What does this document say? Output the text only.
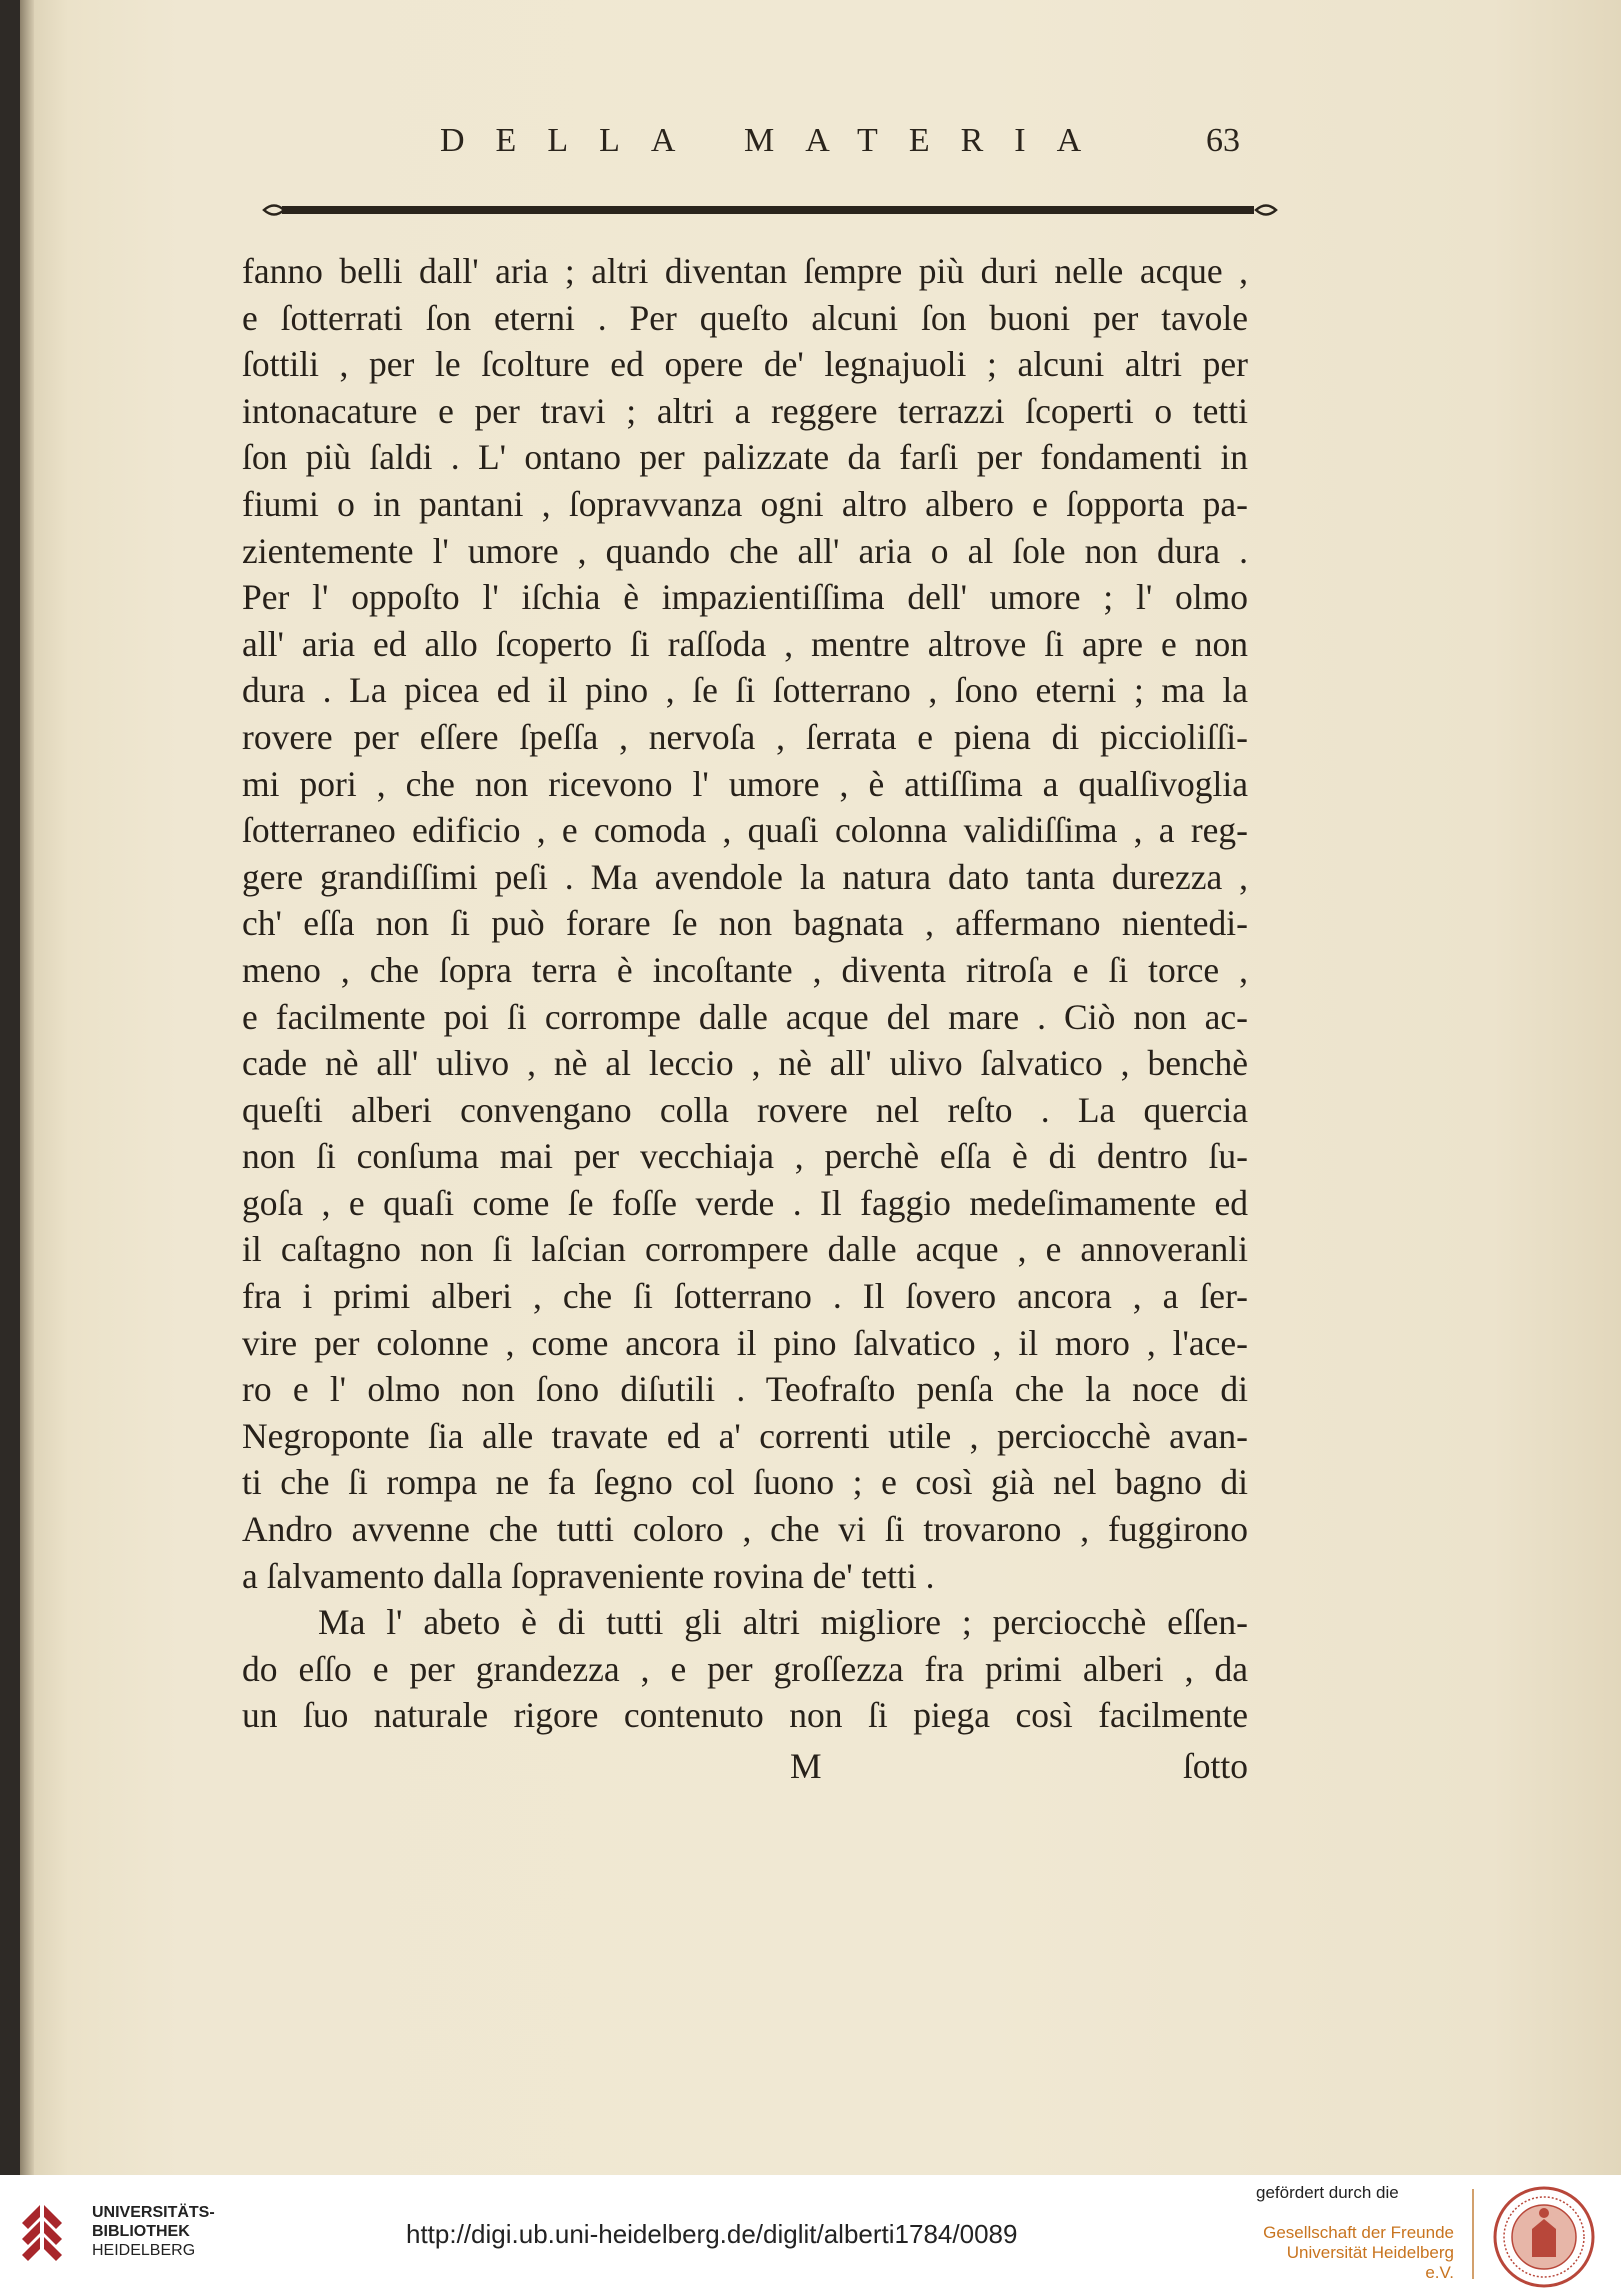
DELLA MATERIA	63
fanno belli dall' aria ; altri diventan ſempre più duri nelle acque ,
e ſotterrati ſon eterni . Per queſto alcuni ſon buoni per tavole
ſottili , per le ſcolture ed opere de' legnajuoli ; alcuni altri per
intonacature e per travi ; altri a reggere terrazzi ſcoperti o tetti
ſon più ſaldi . L' ontano per palizzate da farſi per fondamenti in
fiumi o in pantani , ſopravvanza ogni altro albero e ſopporta pa-
zientemente l' umore , quando che all' aria o al ſole non dura .
Per l' oppoſto l' iſchia è impazientiſſima dell' umore ; l' olmo
all' aria ed allo ſcoperto ſi raſſoda , mentre altrove ſi apre e non
dura . La picea ed il pino , ſe ſi ſotterrano , ſono eterni ; ma la
rovere per eſſere ſpeſſa , nervoſa , ſerrata e piena di piccioliſſi-
mi pori , che non ricevono l' umore , è attiſſima a qualſivoglia
ſotterraneo edificio , e comoda , quaſi colonna validiſſima , a reg-
gere grandiſſimi peſi . Ma avendole la natura dato tanta durezza ,
ch' eſſa non ſi può forare ſe non bagnata , affermano nientedi-
meno , che ſopra terra è incoſtante , diventa ritroſa e ſi torce ,
e facilmente poi ſi corrompe dalle acque del mare . Ciò non ac-
cade nè all' ulivo , nè al leccio , nè all' ulivo ſalvatico , benchè
queſti alberi convengano colla rovere nel reſto . La quercia
non ſi conſuma mai per vecchiaja , perchè eſſa è di dentro ſu-
goſa , e quaſi come ſe foſſe verde . Il faggio medeſimamente ed
il caſtagno non ſi laſcian corrompere dalle acque , e annoveranli
fra i primi alberi , che ſi ſotterrano . Il ſovero ancora , a ſer-
vire per colonne , come ancora il pino ſalvatico , il moro , l'ace-
ro e l' olmo non ſono diſutili . Teofraſto penſa che la noce di
Negroponte ſia alle travate ed a' correnti utile , perciocchè avan-
ti che ſi rompa ne fa ſegno col ſuono ; e così già nel bagno di
Andro avvenne che tutti coloro , che vi ſi trovarono , fuggirono
a ſalvamento dalla ſopraveniente rovina de' tetti .
Ma l' abeto è di tutti gli altri migliore ; perciocchè eſſen-
do eſſo e per grandezza , e per groſſezza fra primi alberi , da
un ſuo naturale rigore contenuto non ſi piega così facilmente
M	ſotto
UNIVERSITÄTS-
BIBLIOTHEK
HEIDELBERG
http://digi.ub.uni-heidelberg.de/diglit/alberti1784/0089
gefördert durch die
Gesellschaft der Freunde
Universität Heidelberg e.V.
